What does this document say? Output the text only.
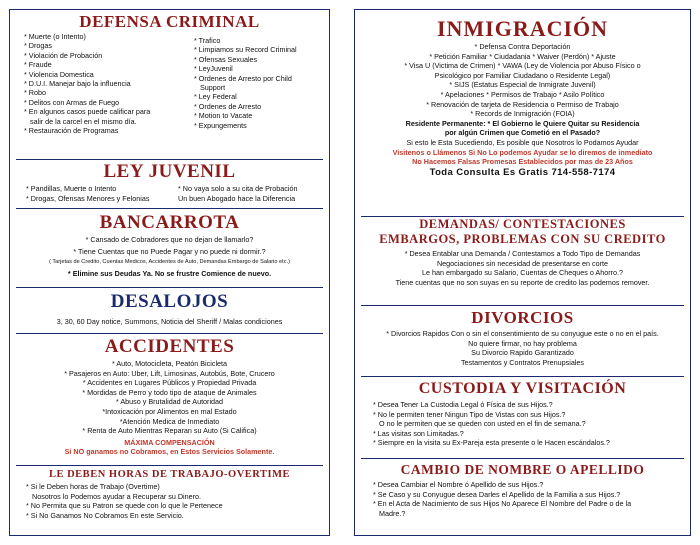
DEFENSA CRIMINAL
* Muerte (o Intento)
* Drogas
* Violación de Probación
* Fraude
* Violencia Domestica
* D.U.I. Manejar bajo la influencia
* Robo
* Delitos con Armas de Fuego
* En algunos casos puede calificar para
salir de la carcel en el mismo día.
* Restauración de Programas
* Trafico
* Limpiamos su Record Criminal
* Ofensas Sexuales
* LeyJuvenil
* Ordenes de Arresto por Child
Support
* Ley Federal
* Ordenes de Arresto
* Motion to Vacate
* Expungements
LEY JUVENIL
* Pandillas, Muerte o Intento	* No vaya solo a su cita de Probación
* Drogas, Ofensas Menores y Felonias	Un buen Abogado hace la Diferencia
BANCARROTA
* Cansado de Cobradores que no dejan de llamarlo?
* Tiene Cuentas que no Puede Pagar y no puede ni dormir.?
( Tarjetas de Credito, Cuentas Medicos, Accidentes de Auto, Demandas Embargo de Salario etc.)
* Elimine sus Deudas Ya. No se frustre Comience de nuevo.
DESALOJOS
3, 30, 60 Day notice, Summons, Noticia del Sheriff / Malas condiciones
ACCIDENTES
* Auto, Motocicleta, Peatón Bicicleta
* Pasajeros en Auto: Uber, Lift, Limosinas, Autobús, Bote, Crucero
* Accidentes en Lugares Públicos y Propiedad Privada
* Mordidas de Perro y todo tipo de ataque de Animales
* Abuso y Brutalidad de Autoridad
*Intoxicación por Alimentos en mal Estado
*Atención Medica de Inmediato
* Renta de Auto Mientras Reparan su Auto (Si Califica)
MÁXIMA COMPENSACIÓN
Si NO ganamos no Cobramos, en Estos Servicios Solamente.
LE DEBEN HORAS DE TRABAJO-OVERTIME
* Si le Deben horas de Trabajo (Overtime)
Nosotros lo Podemos ayudar a Recuperar su Dinero.
* No Permita que su Patron se quede con lo que le Pertenece
* Si No Ganamos No Cobramos En este Servicio.
INMIGRACIÓN
* Defensa Contra Deportación
* Petición Familiar * Ciudadania * Waiver (Perdón) * Ajuste
* Visa U (Victima de Crimen) * VAWA (Ley de Violencia por Abuso Físico o
Psicológico por Familiar Ciudadano o Residente Legal)
* SIJS (Estatus Especial de Inmigrate Juvenil)
* Apelaciones * Permisos de Trabajo * Asilo Político
* Renovación de tarjeta de Residencia o Permiso de Trabajo
* Records de Inmigración (FOIA)
Residente Permanente: * El Gobierno le Quiere Quitar su Residencia
por algún Crimen que Cometió en el Pasado?
Si esto le Esta Sucediendo, Es posible que Nosotros lo Podamos Ayudar
Visitenos o Llámenos Si No Lo podemos Ayudar se lo diremos de inmediato
No Hacemos Falsas Promesas Establecidos por mas de 23 Años
Toda Consulta Es Gratis 714-558-7174
DEMANDAS/ CONTESTACIONES
EMBARGOS, PROBLEMAS CON SU CREDITO
* Desea Entablar una Demanda / Contestamos a Todo Tipo de Demandas
Negociaciones sin necesidad de presentarse en corte
Le han embargado su Salario, Cuentas de Cheques o Ahorro.?
Tiene cuentas que no son suyas en su reporte de credito las podemos remover.
DIVORCIOS
* Divorcios Rapidos Con o sin el consentimiento de su conyugue este o no en el país.
No quiere firmar, no hay problema
Su Divorcio Rapido Garantizado
Testamentos y Contratos Prenupsiales
CUSTODIA Y VISITACIÓN
* Desea Tener La Custodia Legal ó Física de sus Hijos.?
* No le permiten tener Ningun Tipo de Vistas con sus Hijos.?
O no le permiten que se queden con usted en el fin de semana.?
* Las visitas son Limitadas.?
* Siempre en la visita su Ex-Pareja esta presente o le Hacen escándalos.?
CAMBIO DE NOMBRE O APELLIDO
* Desea Cambiar el Nombre ó Apellido de sus Hijos.?
* Se Caso y su Conyugue desea Darles el Apellido de la Familia a sus Hijos.?
* En el Acta de Nacimiento de sus Hijos No Aparece El Nombre del Padre o de la
Madre.?
